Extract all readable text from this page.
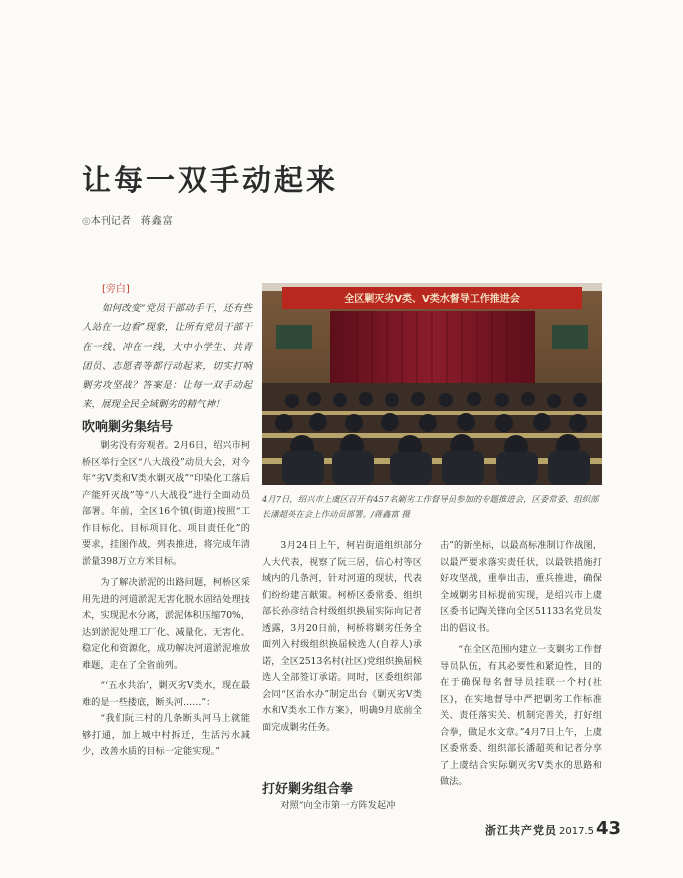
让每一双手动起来
◎本刊记者 蒋鑫富
[旁白]

如何改变“党员干部动手干，还有些人站在一边看”现象，让所有党员干部干在一线、冲在一线，大中小学生、共青团员、志愿者等都行动起来，切实打响剿劣攻坚战？答案是：让每一双手动起来，展现全民全域剿劣的精气神！

吹响剿劣集结号

剿劣没有旁观者。2月6日，绍兴市柯桥区举行全区“八大战役”动员大会，对今年“劣Ⅴ类和Ⅴ类水剿灭战”“印染化工落后产能歼灭战”等“八大战役”进行全面动员部署。年前，全区16个镇(街道)按照“工作目标化、目标项目化、项目责任化”的要求，挂图作战，列表推进，将完成年清淤量398万立方米目标。

为了解决淤泥的出路问题，柯桥区采用先进的河道淤泥无害化脱水固结处理技术，实现泥水分离，淤泥体积压缩70%，达到淤泥处理工厂化、减量化、无害化、稳定化和资源化，成功解决河道淤泥堆放难题，走在了全省前列。

“‘五水共治’，剿灭劣Ⅴ类水，现在最难的是一些搂底，断头河……”：

“我们阮三村的几条断头河马上就能够打通，加上城中村拆迁，生活污水减少，改善水质的目标一定能实现。”

全区剿灭劣Ⅴ类、Ⅴ类水督导工作推进会

4月7日，绍兴市上虞区召开有457名剿劣工作督导员参加的专题推进会，区委常委、组织部长潘超英在会上作动员部署。/蒋鑫富 摄

3月24日上午，柯岩街道组织部分人大代表，视察了阮三居，信心村等区域内的几条河，针对河道的现状，代表们纷纷建言献策。柯桥区委常委、组织部长孙彦结合村级组织换届实际向记者透露，3月20日前，柯桥将剿劣任务全面列入村级组织换届候选人(自荐人)承诺，全区2513名村(社区)党组织换届候选人全部签订承诺。同时，区委组织部会同“区治水办”制定出台《剿灭劣Ⅴ类水和Ⅴ类水工作方案》，明确9月底前全面完成剿劣任务。

打好剿劣组合拳

对照“向全市第一方阵发起冲

击”的新坐标，以最高标准制订作战图，以最严要求落实责任状，以最铁措施打好攻坚战，重拳出击，重兵推进，确保全域剿劣目标提前实现，是绍兴市上虞区委书记陶关锋向全区51133名党员发出的倡议书。

“在全区范围内建立一支剿劣工作督导员队伍，有其必要性和紧迫性，目的在于确保每名督导员挂联一个村(社区)，在实地督导中严把剿劣工作标准关、责任落实关、机制完善关，打好组合拳，做足水文章。”4月7日上午，上虞区委常委、组织部长潘超英和记者分享了上虞结合实际剿灭劣Ⅴ类水的思路和做法。

浙江共产党员 2017.5 43
